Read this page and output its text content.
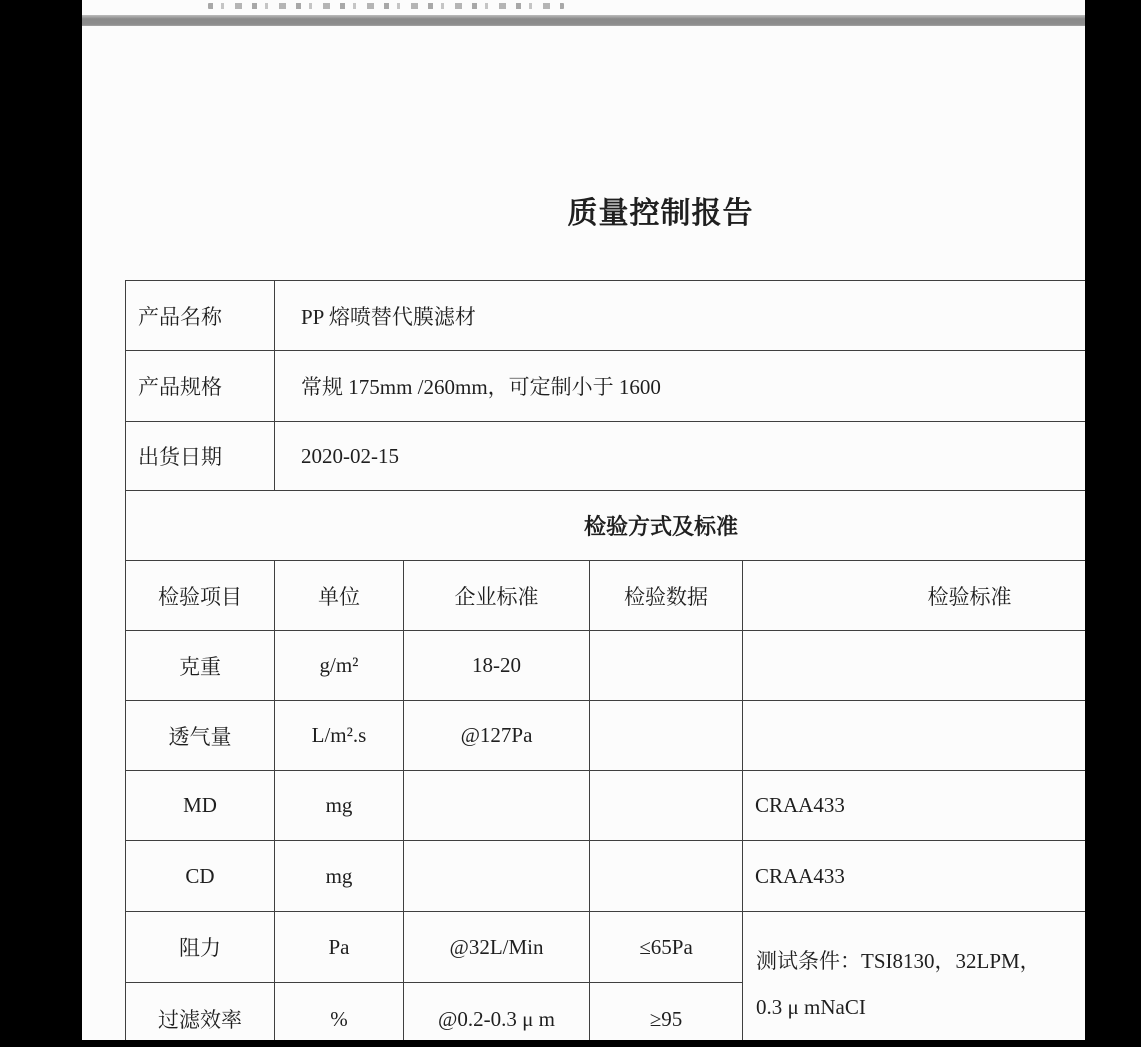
质量控制报告
产品名称	PP 熔喷替代膜滤材			
产品规格	常规 175mm /260mm，可定制小于 1600			
出货日期	2020-02-15			
检验方式及标准				
检验项目	单位	企业标准	检验数据	检验标准
克重	g/m²	18-20		
透气量	L/m².s	@127Pa		
MD	mg			CRAA433
CD	mg			CRAA433
阻力	Pa	@32L/Min	≤65Pa	测试条件：TSI8130，32LPM，
0.3 μ mNaCI
过滤效率	%	@0.2-0.3 μ m	≥95	
